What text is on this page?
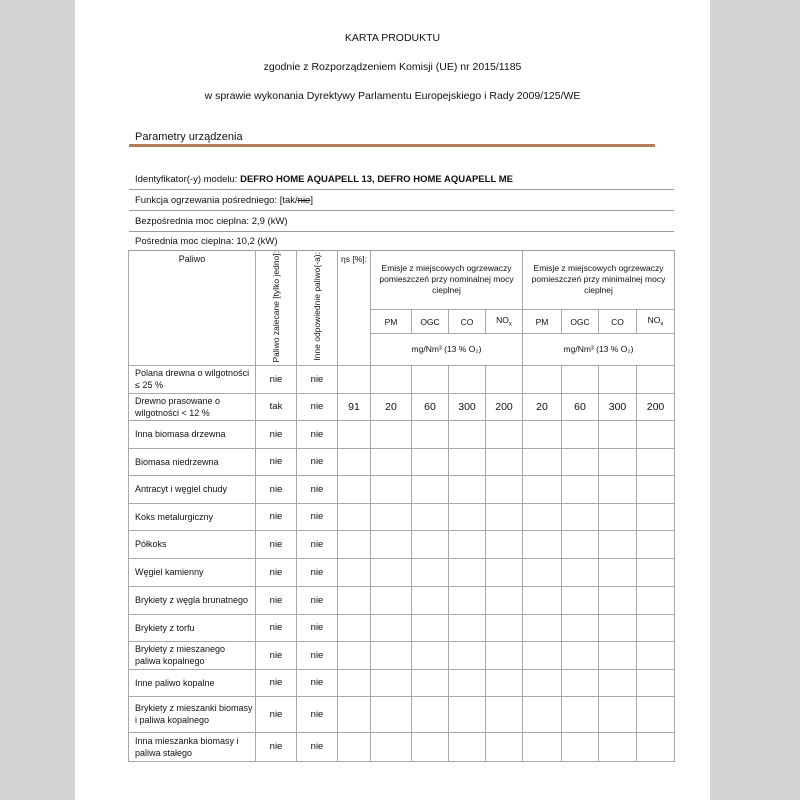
KARTA PRODUKTU
zgodnie z Rozporządzeniem Komisji (UE) nr 2015/1185
w sprawie wykonania Dyrektywy Parlamentu Europejskiego i Rady 2009/125/WE
Parametry urządzenia
Identyfikator(-y) modelu: DEFRO HOME AQUAPELL 13, DEFRO HOME AQUAPELL ME
Funkcja ogrzewania pośredniego: [tak/nie]
Bezpośrednia moc cieplna: 2,9 (kW)
Pośrednia moc cieplna: 10,2 (kW)
Paliwo	Paliwo zalecane [tylko jedno]:	Inne odpowiednie paliwo(-a):	ηs [%]:	Emisje z miejscowych ogrzewaczy pomieszczeń przy nominalnej mocy cieplnej				Emisje z miejscowych ogrzewaczy pomieszczeń przy minimalnej mocy cieplnej			
				PM	OGC	CO	$NO_x$	PM	OGC	CO	$NO_x$
				mg/Nm³ (13 % O₂)				mg/Nm³ (13 % O₂)			
Polana drewna o wilgotności ≤ 25 %	nie	nie									
Drewno prasowane o wilgotności < 12 %	tak	nie	91	20	60	300	200	20	60	300	200
Inna biomasa drzewna	nie	nie									
Biomasa niedrzewna	nie	nie									
Antracyt i węgiel chudy	nie	nie									
Koks metalurgiczny	nie	nie									
Półkoks	nie	nie									
Węgiel kamienny	nie	nie									
Brykiety z węgla brunatnego	nie	nie									
Brykiety z torfu	nie	nie									
Brykiety z mieszanego paliwa kopalnego	nie	nie									
Inne paliwo kopalne	nie	nie									
Brykiety z mieszanki biomasy i paliwa kopalnego	nie	nie									
Inna mieszanka biomasy i paliwa stałego	nie	nie									
